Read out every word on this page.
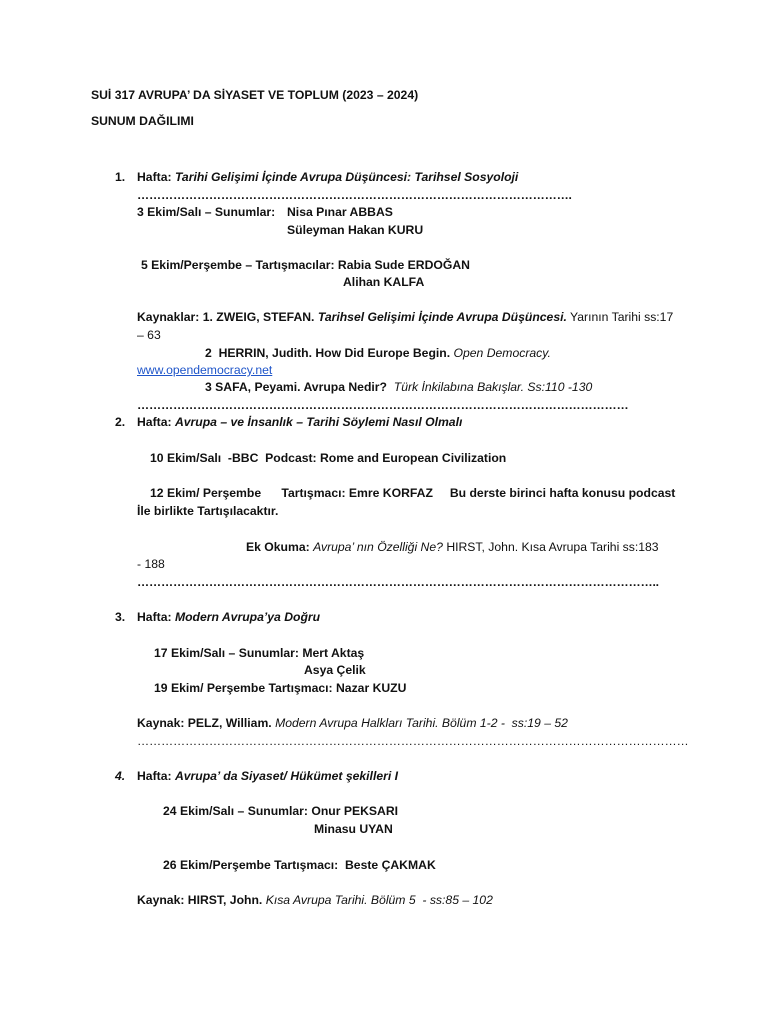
SUİ 317 AVRUPA’ DA SİYASET VE TOPLUM (2023 – 2024)
SUNUM DAĞILIMI
1. Hafta: Tarihi Gelişimi İçinde Avrupa Düşüncesi: Tarihsel Sosyoloji
……………………………………………………………………………………………….
3 Ekim/Salı – Sunumlar: Nisa Pınar ABBAS
Süleyman Hakan KURU
5 Ekim/Perşembe – Tartışmacılar: Rabia Sude ERDOĞAN
Alihan KALFA
Kaynaklar: 1. ZWEIG, STEFAN. Tarihsel Gelişimi İçinde Avrupa Düşüncesi. Yarının Tarihi ss:17
– 63
2 HERRIN, Judith. How Did Europe Begin. Open Democracy.
www.opendemocracy.net
3 SAFA, Peyami. Avrupa Nedir? Türk İnkilabına Bakışlar. Ss:110 -130
……………………………………………………………………………………………………………
2. Hafta: Avrupa – ve İnsanlık – Tarihi Söylemi Nasıl Olmalı
10 Ekim/Salı  -BBC  Podcast: Rome and European Civilization
12 Ekim/ Perşembe      Tartışmacı: Emre KORFAZ     Bu derste birinci hafta konusu podcast
İle birlikte Tartışılacaktır.
Ek Okuma: Avrupa’ nın Özelliği Ne? HIRST, John. Kısa Avrupa Tarihi ss:183
- 188
…………………………………………………………………………………………………………………..
3. Hafta: Modern Avrupa’ya Doğru
17 Ekim/Salı – Sunumlar: Mert Aktaş
Asya Çelik
19 Ekim/ Perşembe Tartışmacı: Nazar KUZU
Kaynak: PELZ, William. Modern Avrupa Halkları Tarihi. Bölüm 1-2 -  ss:19 – 52
…………………………………………………………………………………………………………………………
4. Hafta: Avrupa’ da Siyaset/ Hükümet şekilleri I
24 Ekim/Salı – Sunumlar: Onur PEKSARI
Minasu UYAN
26 Ekim/Perşembe Tartışmacı:  Beste ÇAKMAK
Kaynak: HIRST, John. Kısa Avrupa Tarihi. Bölüm 5  - ss:85 – 102
